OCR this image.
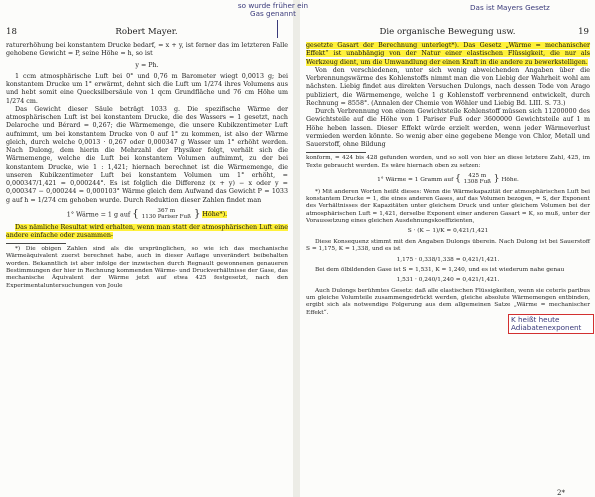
18	Robert Mayer.

raturerhöhung bei konstantem Drucke bedarf, = x + y, ist ferner das im letzteren Falle gehobene Gewicht = P, seine Höhe = h, so ist

y = Ph.

1 ccm atmosphärische Luft bei 0° und 0,76 m Barometer wiegt 0,0013 g; bei konstantem Drucke um 1° erwärmt, dehnt sich die Luft um 1/274 ihres Volumens aus und hebt somit eine Quecksilbersäule von 1 qcm Grundfläche und 76 cm Höhe um 1/274 cm.

Das Gewicht dieser Säule beträgt 1033 g. Die spezifische Wärme der atmosphärischen Luft ist bei konstantem Drucke, die des Wassers = 1 gesetzt, nach Delaroche und Bérard = 0,267; die Wärmemenge, die unsere Kubikzentimeter Luft aufnimmt, um bei konstantem Drucke von 0 auf 1° zu kommen, ist also der Wärme gleich, durch welche 0,0013 · 0,267 oder 0,000347 g Wasser um 1° erhöht werden. Nach Dulong, dem hierin die Mehrzahl der Physiker folgt, verhält sich die Wärmemenge, welche die Luft bei konstantem Volumen aufnimmt, zu der bei konstantem Drucke, wie 1 : 1,421; hiernach berechnet ist die Wärmemenge, die unseren Kubikzentimeter Luft bei konstantem Volumen um 1° erhöht, = 0,000347/1,421 = 0,000244°. Es ist folglich die Differenz (x + y) − x oder y = 0,000347 − 0,000244 = 0,000103° Wärme gleich dem Aufwand das Gewicht P = 1033 g auf h = 1/274 cm gehoben wurde. Durch Reduktion dieser Zahlen findet man

1° Wärme = 1 g auf {	367 m
1130 Pariser Fuß } Höhe*).

Das nämliche Resultat wird erhalten, wenn man statt der atmosphärischen Luft eine andere einfache oder zusammen-

*) Die obigen Zahlen sind als die ursprünglichen, so wie ich das mechanische Wärmeäquivalent zuerst berechnet habe, auch in dieser Auflage unverändert beibehalten worden. Bekanntlich ist aber infolge der inzwischen durch Regnault gewonnenen genaueren Bestimmungen der hier in Rechnung kommenden Wärme- und Druckverhältnisse der Gase, das mechanische Äquivalent der Wärme jetzt auf etwa 425 festgesetzt, nach den Experimentaluntersuchungen von Joule

Die organische Bewegung usw.	19

gesetzte Gasart der Berechnung unterlegt*). Das Gesetz „Wärme = mechanischer Effekt“ ist unabhängig von der Natur einer elastischen Flüssigkeit, die nur als Werkzeug dient, um die Umwandlung der einen Kraft in die andere zu bewerkstelligen.

Von den verschiedenen, unter sich wenig abweichenden Angaben über die Verbrennungswärme des Kohlenstoffs nimmt man die von Liebig der Wahrheit wohl am nächsten. Liebig findet aus direkten Versuchen Dulongs, nach dessen Tode von Arago publiziert, die Wärmemenge, welche 1 g Kohlenstoff verbrennend entwickelt, durch Rechnung = 8558°. (Annalen der Chemie von Wöhler und Liebig Bd. LIII. S. 73.)

Durch Verbrennung von einem Gewichtsteile Kohlenstoff müssen sich 11200000 des Gewichtsteile auf die Höhe von 1 Pariser Fuß oder 3600000 Gewichtsteile auf 1 m Höhe heben lassen. Dieser Effekt würde erzielt werden, wenn jeder Wärmeverlust vermieden werden könnte. So wenig aber eine gegebene Menge von Chlor, Metall und Sauerstoff, ohne Bildung

konform, = 424 bis 428 gefunden worden, und so soll von hier an diese letztere Zahl, 425, im Texte gebraucht werden. Es wäre hiernach oben zu setzen:

1° Wärme = 1 Gramm auf { 425 m
1308 Fuß } Höhe.

*) Mit anderen Worten heißt dieses: Wenn die Wärmekapazität der atmosphärischen Luft bei konstantem Drucke = 1, die eines anderen Gases, auf das Volumen bezogen, = S, der Exponent des Verhältnisses der Kapazitäten unter gleichem Druck und unter gleichem Volumen bei der atmosphärischen Luft = 1,421, derselbe Exponent einer anderen Gasart = K, so muß, unter der Voraussetzung eines gleichen Ausdehnungskoeffizienten,

S · (K − 1)/K = 0,421/1,421

Diese Konsequenz stimmt mit den Angaben Dulongs überein. Nach Dulong ist bei Sauerstoff S = 1,175, K = 1,338, und es ist

1,175 · 0,338/1,338 = 0,421/1,421.

Bei dem ölbildenden Gase ist S = 1,531, K = 1,240, und es ist wiederum nahe genau

1,531 · 0,240/1,240 = 0,421/1,421.

Auch Dulongs berühmtes Gesetz: daß alle elastischen Flüssigkeiten, wenn sie ceteris paribus um gleiche Volumteile zusammengedrückt werden, gleiche absolute Wärmemengen entbinden, ergibt sich als notwendige Folgerung aus dem allgemeinen Satze „Wärme = mechanischer Effekt“.

2*
so wurde früher ein Gas genannt
Das ist Mayers Gesetz
K heißt heute Adiabatenexponent
